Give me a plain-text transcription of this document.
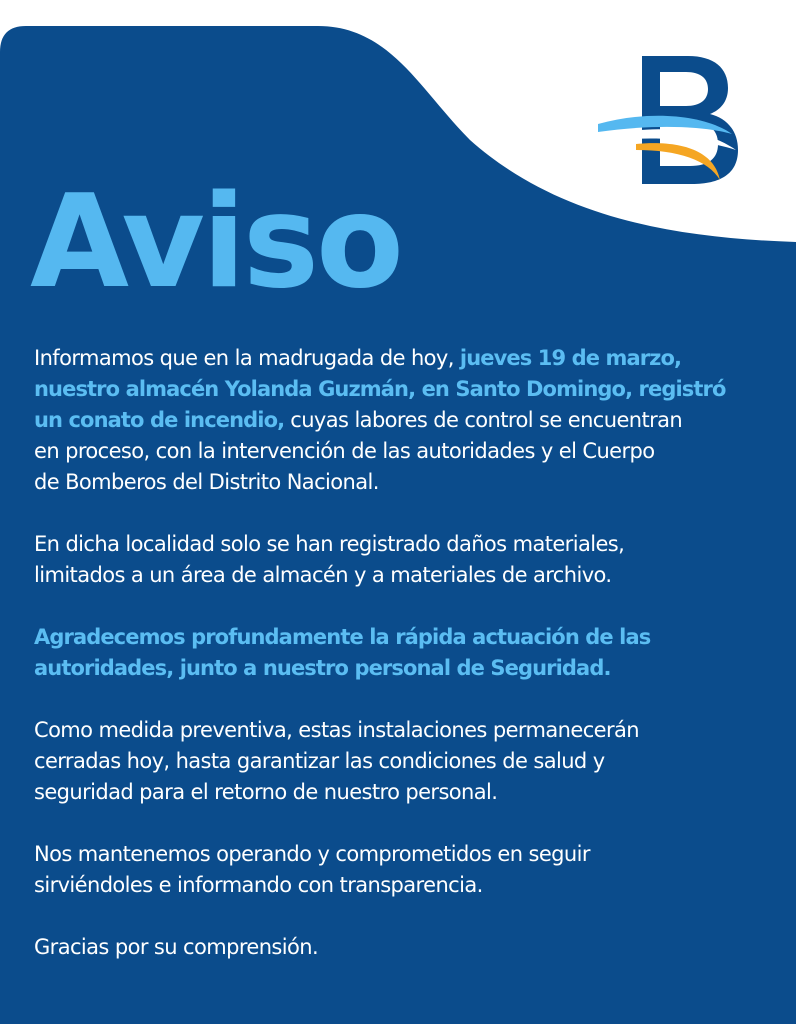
Aviso

Informamos que en la madrugada de hoy, jueves 19 de marzo,
nuestro almacén Yolanda Guzmán, en Santo Domingo, registró
un conato de incendio, cuyas labores de control se encuentran
en proceso, con la intervención de las autoridades y el Cuerpo
de Bomberos del Distrito Nacional.

En dicha localidad solo se han registrado daños materiales,
limitados a un área de almacén y a materiales de archivo.

Agradecemos profundamente la rápida actuación de las
autoridades, junto a nuestro personal de Seguridad.

Como medida preventiva, estas instalaciones permanecerán
cerradas hoy, hasta garantizar las condiciones de salud y
seguridad para el retorno de nuestro personal.

Nos mantenemos operando y comprometidos en seguir
sirviéndoles e informando con transparencia.

Gracias por su comprensión.
